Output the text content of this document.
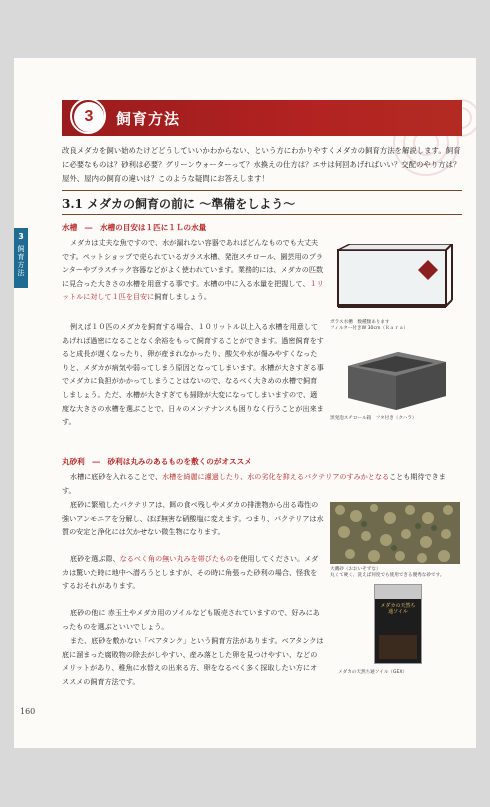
3
飼育方法
3	飼育方法
改良メダカを飼い始めたけどどうしていいかわからない、という方にわかりやすくメダカの飼育方法を解説します。飼育に必要なものは？砂利は必要？グリーンウォーターって？水換えの仕方は？エサは何回あげればいい？交配のやり方は？屋外、屋内の飼育の違いは？このような疑問にお答えします！
3.1 メダカの飼育の前に ～準備をしよう～
水槽　―　水槽の目安は１匹に１Ｌの水量
メダカは丈夫な魚ですので、水が漏れない容器であればどんなものでも大丈夫です。ペットショップで売られているガラス水槽、発泡スチロール、園芸用のプランターやプラスチック容器などがよく使われています。業務的には、メダカの匹数に見合った大きさの水槽を用意する事です。水槽の中に入る水量を把握して、１リットルに対して１匹を目安に飼育しましょう。
例えば１０匹のメダカを飼育する場合、１０リットル以上入る水槽を用意してあげれば過密になることなく余裕をもって飼育することができます。過密飼育をすると成長が遅くなったり、卵が産まれなかったり、酸欠や水が傷みやすくなったりと、メダカが病気や弱ってしまう原因となってしまいます。水槽が大きすぎる事でメダカに負担がかかってしまうことはないので、なるべく大きめの水槽で飼育しましょう。ただ、水槽が大きすぎても掃除が大変になってしまいますので、適度な大きさの水槽を選ぶことで、日々のメンテナンスも困りなく行うことが出来ます。
ガラス水槽　数種類あります
フィルター付きW 30cm（Ｒａｒａ）
黒発泡スチロール箱　フタ付き（クハラ）
丸砂利　―　砂利は丸みのあるものを敷くのがオススメ
水槽に底砂を入れることで、水槽を綺麗に濾過したり、水の劣化を抑えるバクテリアのすみかとなることも期待できます。
大磯砂（おおいそずな）
丸くて硬く、洗えば何度でも使用できる優秀な砂です。
底砂に繁殖したバクテリアは、餌の食べ残しやメダカの排泄物から出る毒性の強いアンモニアを分解し、ほぼ無害な硝酸塩に変えます。つまり、バクテリアは水質の安定と浄化には欠かせない微生物になります。
底砂を選ぶ際、なるべく角の無い丸みを帯びたものを使用してください。メダカは驚いた時に地中へ潜ろうとしますが、その時に角張った砂利の場合、怪我をするおそれがあります。
底砂の他に 赤玉土やメダカ用のソイルなども販売されていますので、好みにあったものを選ぶといいでしょう。
また、底砂を敷かない「ベアタンク」という飼育方法があります。ベアタンクは底に溜まった腐敗物の除去がしやすい、産み落とした卵を見つけやすい、などのメリットがあり、稚魚に水替えの出来る方、卵をなるべく多く採取したい方にオススメの飼育方法です。
メダカの天然ち通ソイル
メダカの天然ち通ソイル（GEX）
160
